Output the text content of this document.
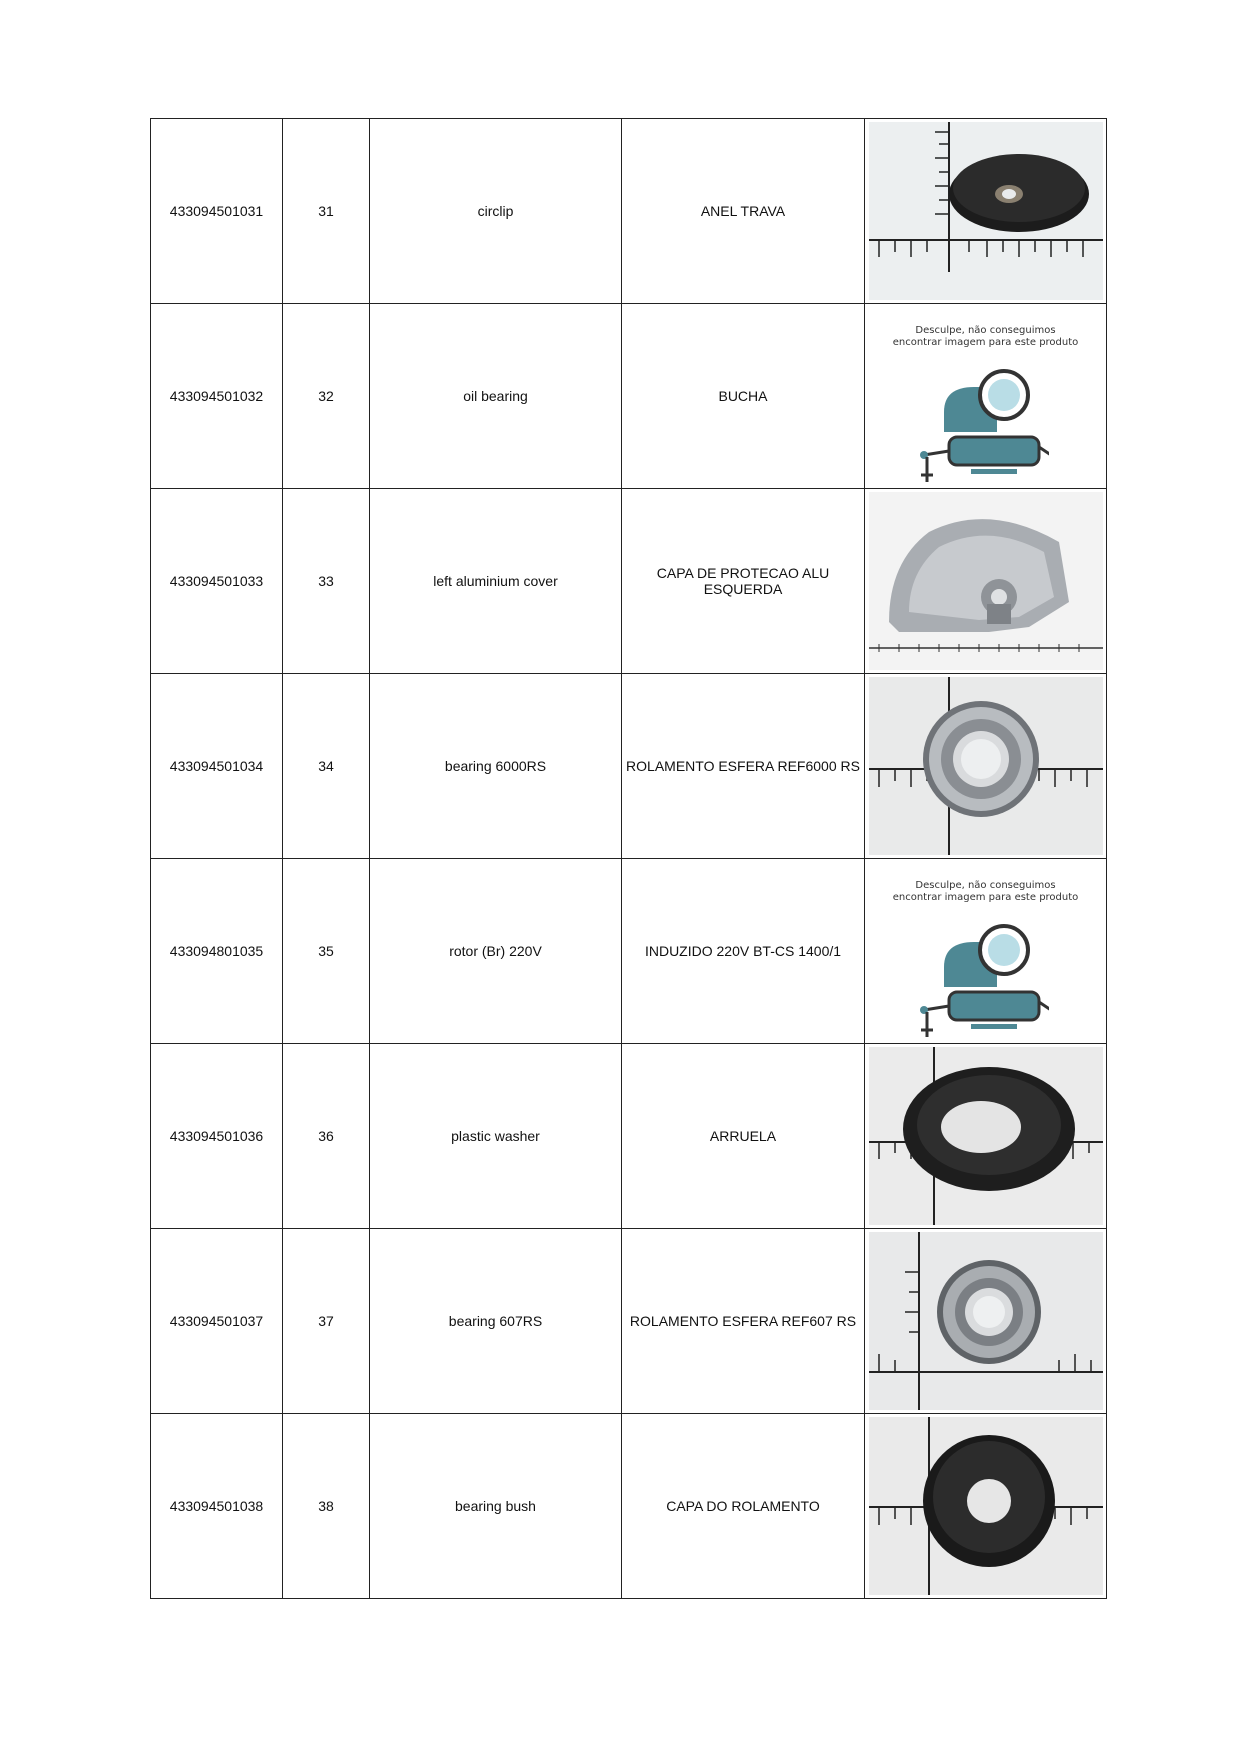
433094501031	31	circlip	ANEL TRAVA	

433094501032	32	oil bearing	BUCHA	Desculpe, não conseguimos
encontrar imagem para este produto

433094501033	33	left aluminium cover	CAPA DE PROTECAO ALU ESQUERDA	

433094501034	34	bearing 6000RS	ROLAMENTO ESFERA REF6000 RS	

433094801035	35	rotor (Br) 220V	INDUZIDO 220V BT-CS 1400/1	Desculpe, não conseguimos
encontrar imagem para este produto

433094501036	36	plastic washer	ARRUELA	

433094501037	37	bearing 607RS	ROLAMENTO ESFERA REF607 RS	

433094501038	38	bearing bush	CAPA DO ROLAMENTO	
